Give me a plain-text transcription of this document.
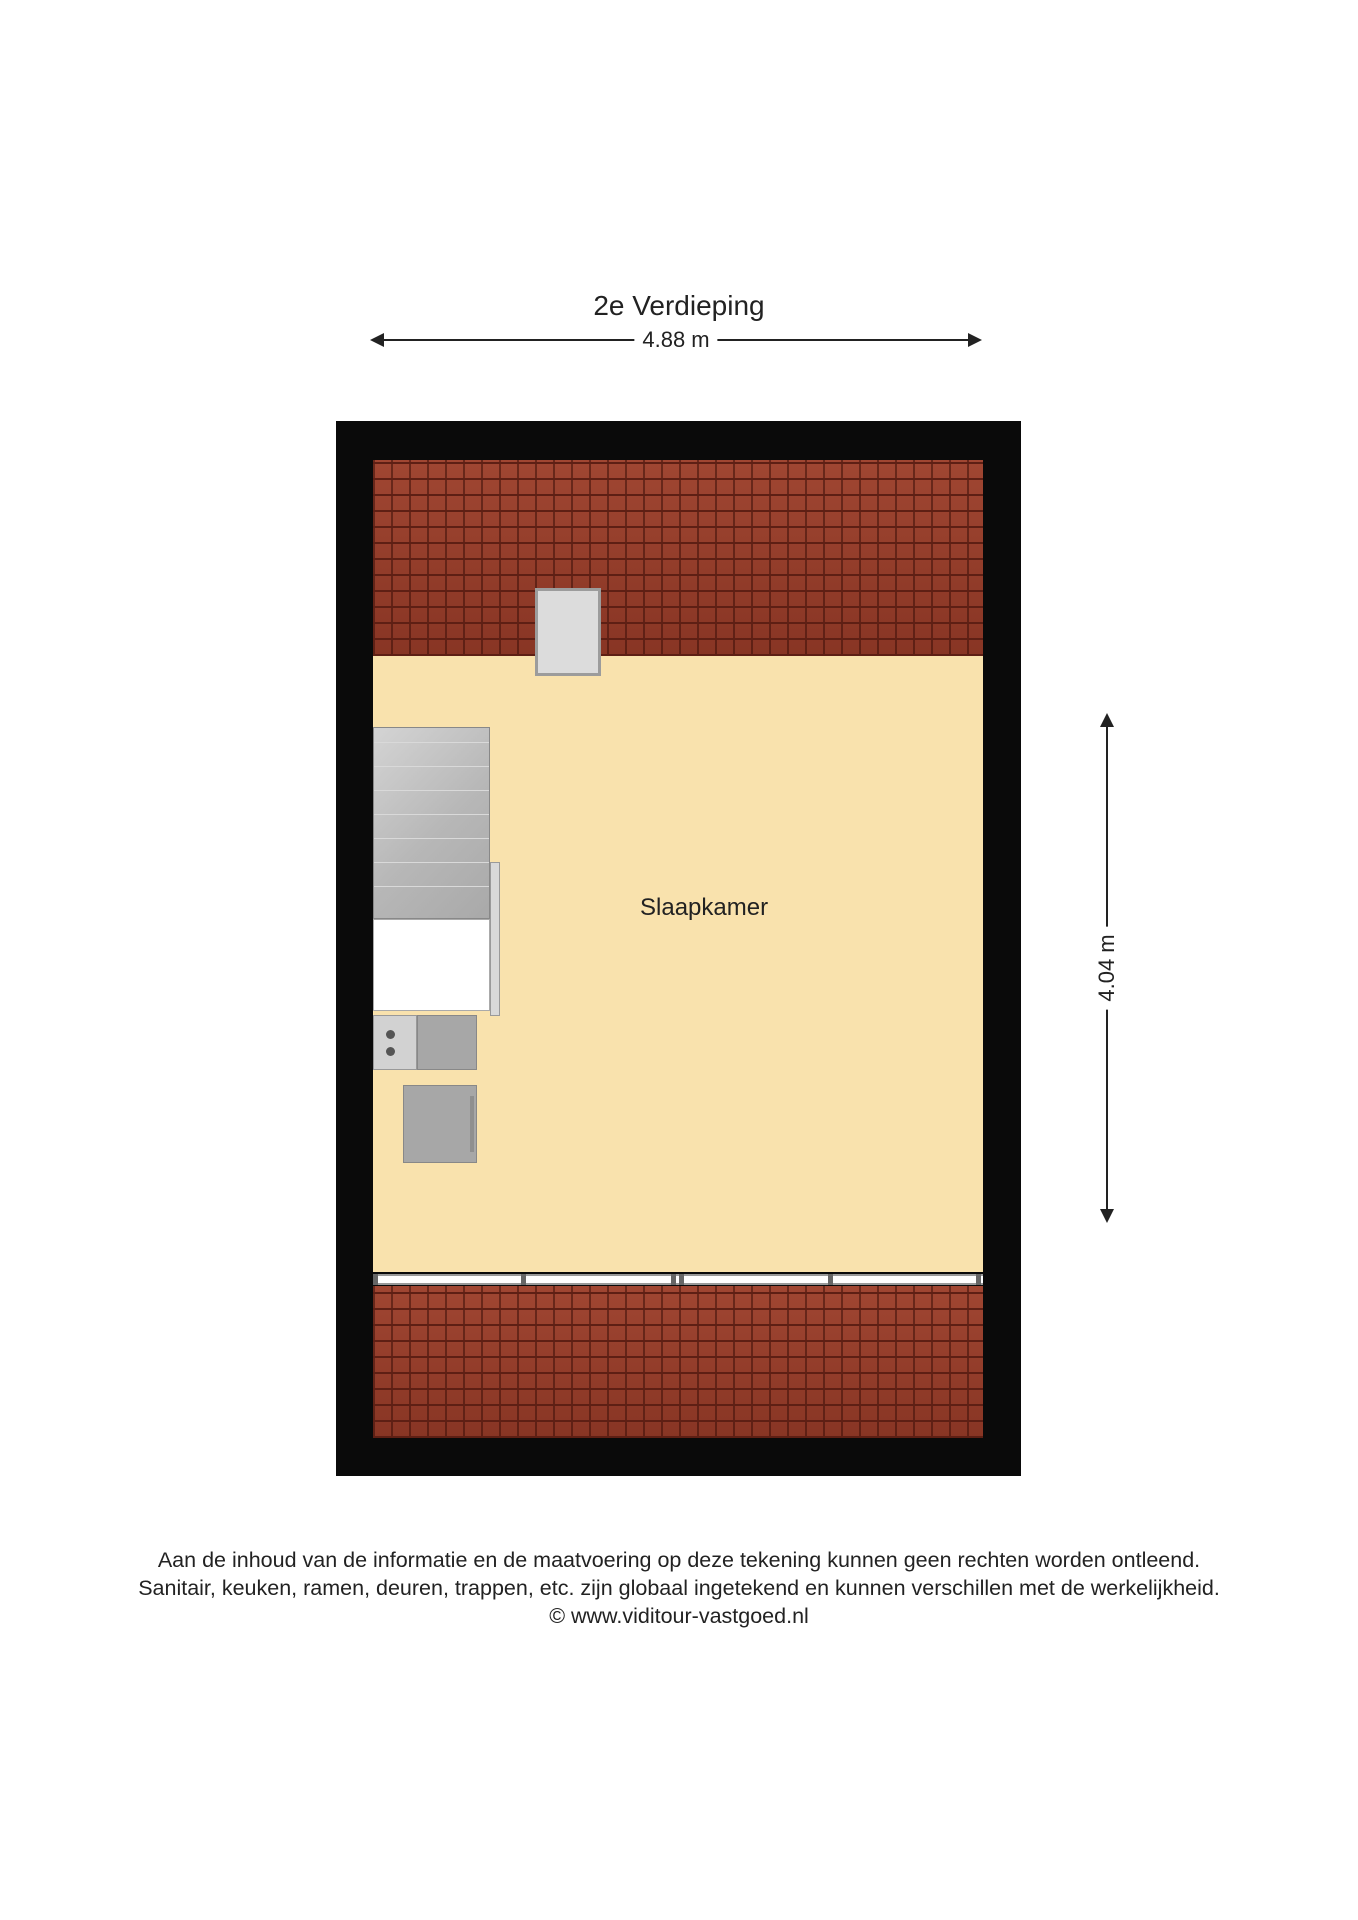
2e Verdieping
4.88 m
4.04 m
Slaapkamer
Aan de inhoud van de informatie en de maatvoering op deze tekening kunnen geen rechten worden ontleend.
Sanitair, keuken, ramen, deuren, trappen, etc. zijn globaal ingetekend en kunnen verschillen met de werkelijkheid.
© www.viditour-vastgoed.nl
